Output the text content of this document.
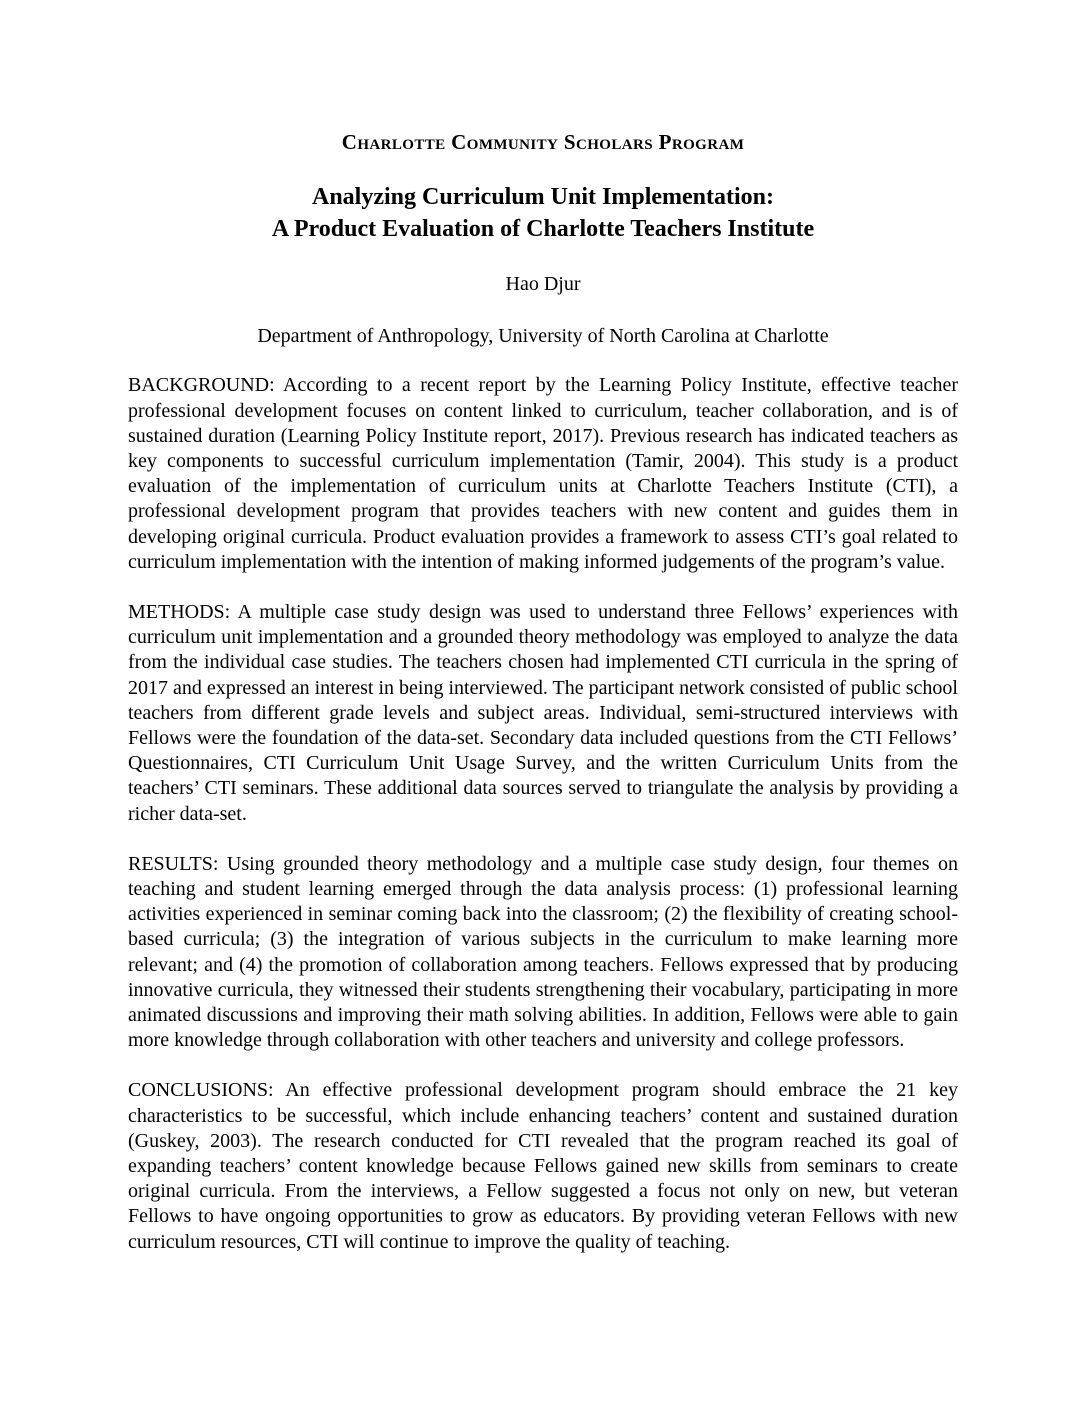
Charlotte Community Scholars Program
Analyzing Curriculum Unit Implementation:
A Product Evaluation of Charlotte Teachers Institute
Hao Djur
Department of Anthropology, University of North Carolina at Charlotte

BACKGROUND: According to a recent report by the Learning Policy Institute, effective teacher professional development focuses on content linked to curriculum, teacher collaboration, and is of sustained duration (Learning Policy Institute report, 2017). Previous research has indicated teachers as key components to successful curriculum implementation (Tamir, 2004). This study is a product evaluation of the implementation of curriculum units at Charlotte Teachers Institute (CTI), a professional development program that provides teachers with new content and guides them in developing original curricula. Product evaluation provides a framework to assess CTI’s goal related to curriculum implementation with the intention of making informed judgements of the program’s value.

METHODS: A multiple case study design was used to understand three Fellows’ experiences with curriculum unit implementation and a grounded theory methodology was employed to analyze the data from the individual case studies. The teachers chosen had implemented CTI curricula in the spring of 2017 and expressed an interest in being interviewed. The participant network consisted of public school teachers from different grade levels and subject areas. Individual, semi-structured interviews with Fellows were the foundation of the data-set. Secondary data included questions from the CTI Fellows’ Questionnaires, CTI Curriculum Unit Usage Survey, and the written Curriculum Units from the teachers’ CTI seminars. These additional data sources served to triangulate the analysis by providing a richer data-set.

RESULTS: Using grounded theory methodology and a multiple case study design, four themes on teaching and student learning emerged through the data analysis process: (1) professional learning activities experienced in seminar coming back into the classroom; (2) the flexibility of creating school-based curricula; (3) the integration of various subjects in the curriculum to make learning more relevant; and (4) the promotion of collaboration among teachers. Fellows expressed that by producing innovative curricula, they witnessed their students strengthening their vocabulary, participating in more animated discussions and improving their math solving abilities. In addition, Fellows were able to gain more knowledge through collaboration with other teachers and university and college professors.

CONCLUSIONS: An effective professional development program should embrace the 21 key characteristics to be successful, which include enhancing teachers’ content and sustained duration (Guskey, 2003). The research conducted for CTI revealed that the program reached its goal of expanding teachers’ content knowledge because Fellows gained new skills from seminars to create original curricula. From the interviews, a Fellow suggested a focus not only on new, but veteran Fellows to have ongoing opportunities to grow as educators. By providing veteran Fellows with new curriculum resources, CTI will continue to improve the quality of teaching.
